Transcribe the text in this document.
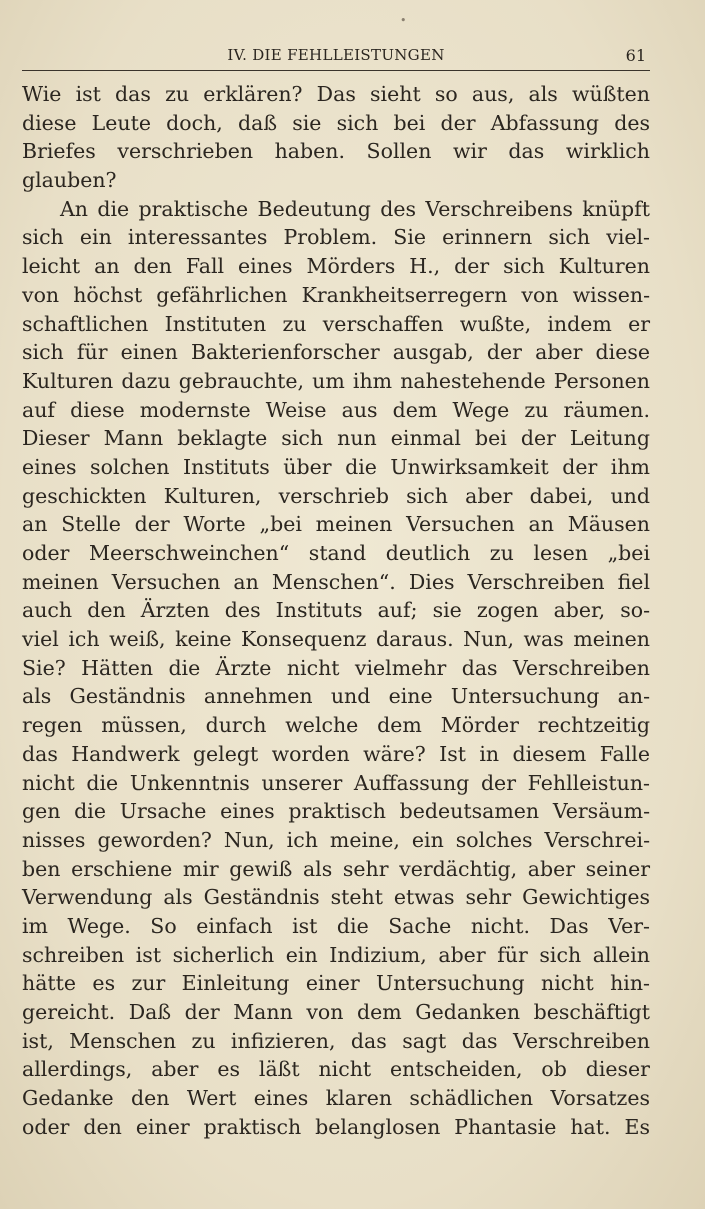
•
IV. DIE FEHLLEISTUNGEN	61
Wie ist das zu erklären? Das sieht so aus, als wüßten
diese Leute doch, daß sie sich bei der Abfassung des
Briefes verschrieben haben. Sollen wir das wirklich
glauben?
An die praktische Bedeutung des Verschreibens knüpft
sich ein interessantes Problem. Sie erinnern sich viel-
leicht an den Fall eines Mörders H., der sich Kulturen
von höchst gefährlichen Krankheitserregern von wissen-
schaftlichen Instituten zu verschaffen wußte, indem er
sich für einen Bakterienforscher ausgab, der aber diese
Kulturen dazu gebrauchte, um ihm nahestehende Personen
auf diese modernste Weise aus dem Wege zu räumen.
Dieser Mann beklagte sich nun einmal bei der Leitung
eines solchen Instituts über die Unwirksamkeit der ihm
geschickten Kulturen, verschrieb sich aber dabei, und
an Stelle der Worte „bei meinen Versuchen an Mäusen
oder Meerschweinchen“ stand deutlich zu lesen „bei
meinen Versuchen an Menschen“. Dies Verschreiben fiel
auch den Ärzten des Instituts auf; sie zogen aber, so-
viel ich weiß, keine Konsequenz daraus. Nun, was meinen
Sie? Hätten die Ärzte nicht vielmehr das Verschreiben
als Geständnis annehmen und eine Untersuchung an-
regen müssen, durch welche dem Mörder rechtzeitig
das Handwerk gelegt worden wäre? Ist in diesem Falle
nicht die Unkenntnis unserer Auffassung der Fehlleistun-
gen die Ursache eines praktisch bedeutsamen Versäum-
nisses geworden? Nun, ich meine, ein solches Verschrei-
ben erschiene mir gewiß als sehr verdächtig, aber seiner
Verwendung als Geständnis steht etwas sehr Gewichtiges
im Wege. So einfach ist die Sache nicht. Das Ver-
schreiben ist sicherlich ein Indizium, aber für sich allein
hätte es zur Einleitung einer Untersuchung nicht hin-
gereicht. Daß der Mann von dem Gedanken beschäftigt
ist, Menschen zu infizieren, das sagt das Verschreiben
allerdings, aber es läßt nicht entscheiden, ob dieser
Gedanke den Wert eines klaren schädlichen Vorsatzes
oder den einer praktisch belanglosen Phantasie hat. Es
